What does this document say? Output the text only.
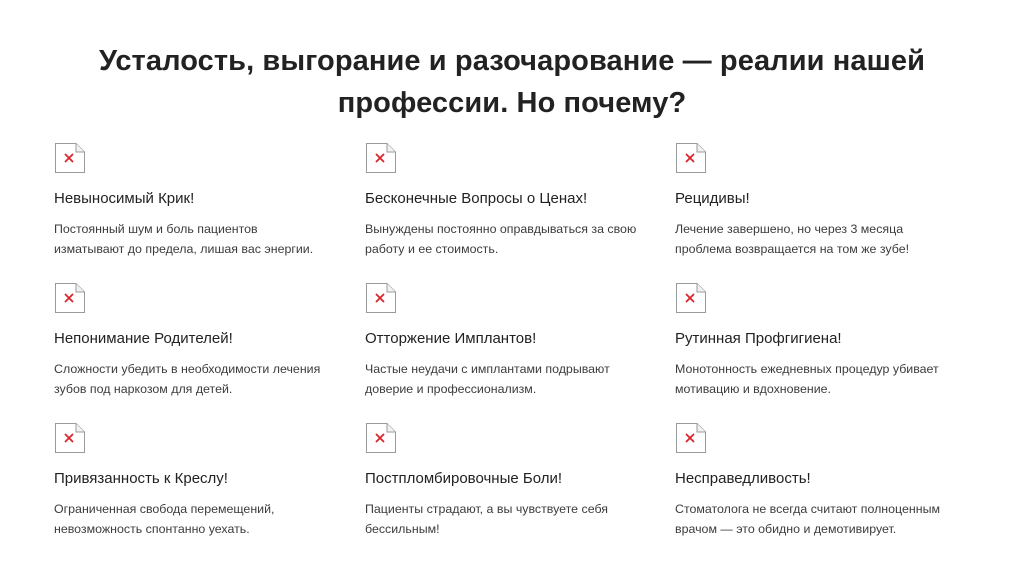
Усталость, выгорание и разочарование — реалии нашей
профессии. Но почему?
Невыносимый Крик!

Постоянный шум и боль пациентов
изматывают до предела, лишая вас энергии.

Бесконечные Вопросы о Ценах!

Вынуждены постоянно оправдываться за свою
работу и ее стоимость.

Рецидивы!

Лечение завершено, но через 3 месяца
проблема возвращается на том же зубе!

Непонимание Родителей!

Сложности убедить в необходимости лечения
зубов под наркозом для детей.

Отторжение Имплантов!

Частые неудачи с имплантами подрывают
доверие и профессионализм.

Рутинная Профгигиена!

Монотонность ежедневных процедур убивает
мотивацию и вдохновение.

Привязанность к Креслу!

Ограниченная свобода перемещений,
невозможность спонтанно уехать.

Постпломбировочные Боли!

Пациенты страдают, а вы чувствуете себя
бессильным!

Несправедливость!

Стоматолога не всегда считают полноценным
врачом — это обидно и демотивирует.
